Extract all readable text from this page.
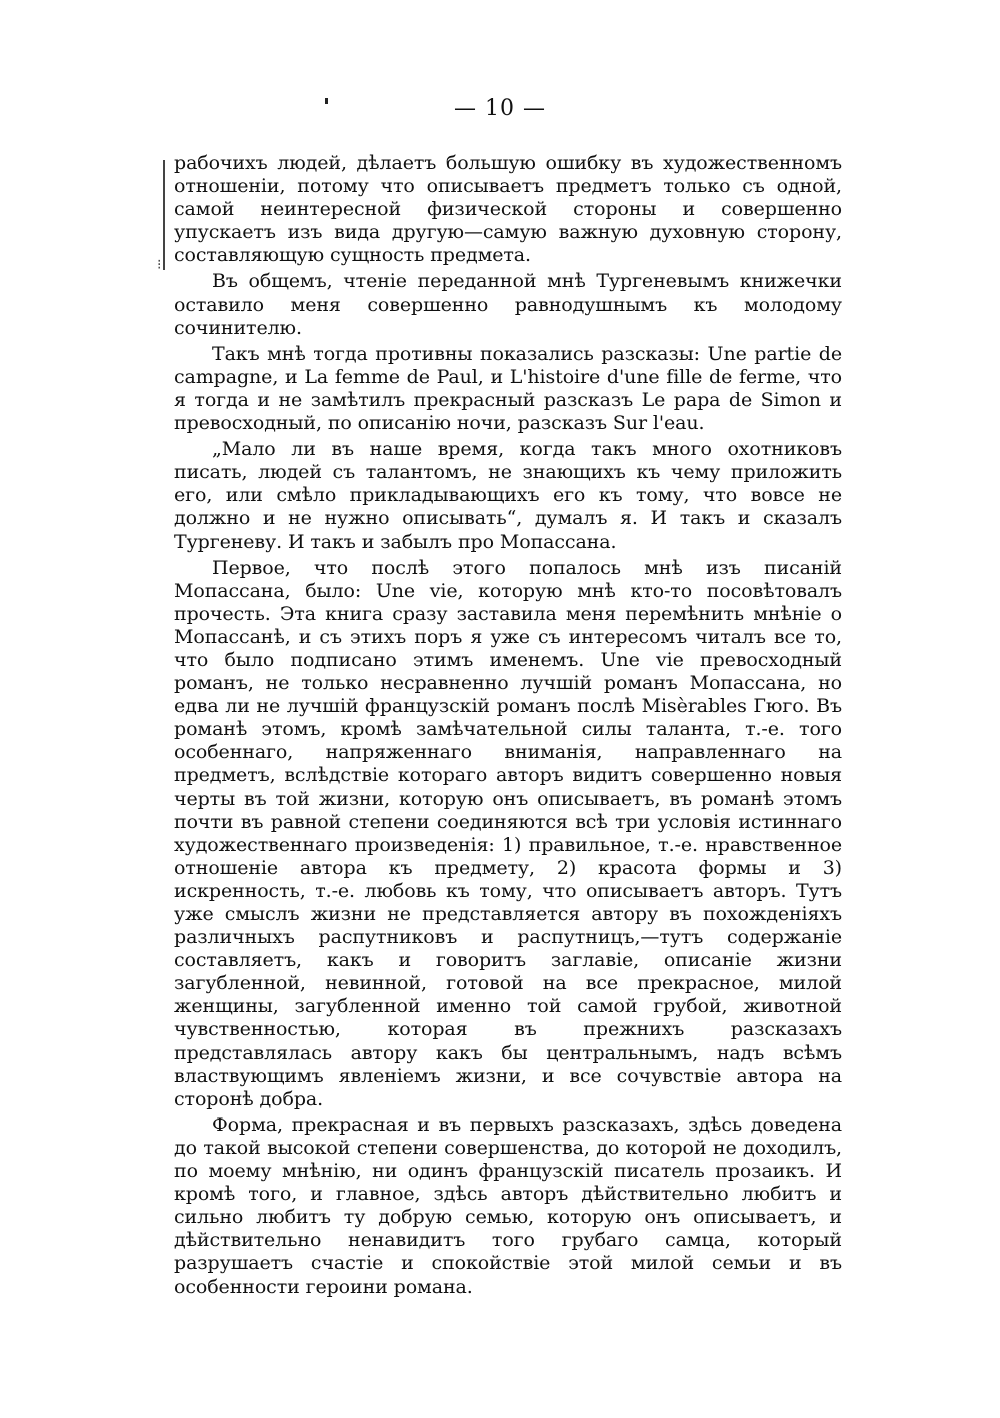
— 10 —
⁝

рабочихъ людей, дѣлаетъ большую ошибку въ художественномъ отношеніи, потому что описываетъ предметъ только съ одной, самой неинтересной физической стороны и совершенно упускаетъ изъ вида другую—самую важную духовную сторону, составляющую сущность предмета.

Въ общемъ, чтеніе переданной мнѣ Тургеневымъ книжечки оставило меня совершенно равнодушнымъ къ молодому сочинителю.

Такъ мнѣ тогда противны показались разсказы: Une partie de campagne, и La femme de Paul, и L'histoire d'une fille de ferme, что я тогда и не замѣтилъ прекрасный разсказъ Le papa de Simon и превосходный, по описанію ночи, разсказъ Sur l'eau.

„Мало ли въ наше время, когда такъ много охотниковъ писать, людей съ талантомъ, не знающихъ къ чему приложить его, или смѣло прикладывающихъ его къ тому, что вовсе не должно и не нужно описывать“, думалъ я. И такъ и сказалъ Тургеневу. И такъ и забылъ про Мопассана.

Первое, что послѣ этого попалось мнѣ изъ писаній Мопассана, было: Une vie, которую мнѣ кто-то посовѣтовалъ прочесть. Эта книга сразу заставила меня перемѣнить мнѣніе о Мопассанѣ, и съ этихъ поръ я уже съ интересомъ читалъ все то, что было подписано этимъ именемъ. Une vie превосходный романъ, не только несравненно лучшій романъ Мопассана, но едва ли не лучшій французскій романъ послѣ Misèrables Гюго. Въ романѣ этомъ, кромѣ замѣчательной силы таланта, т.-е. того особеннаго, напряженнаго вниманія, направленнаго на предметъ, вслѣдствіе котораго авторъ видитъ совершенно новыя черты въ той жизни, которую онъ описываетъ, въ романѣ этомъ почти въ равной степени соединяются всѣ три условія истиннаго художественнаго произведенія: 1) правильное, т.-е. нравственное отношеніе автора къ предмету, 2) красота формы и 3) искренность, т.-е. любовь къ тому, что описываетъ авторъ. Тутъ уже смыслъ жизни не представляется автору въ похожденіяхъ различныхъ распутниковъ и распутницъ,—тутъ содержаніе составляетъ, какъ и говоритъ заглавіе, описаніе жизни загубленной, невинной, готовой на все прекрасное, милой женщины, загубленной именно той самой грубой, животной чувственностью, которая въ прежнихъ разсказахъ представлялась автору какъ бы центральнымъ, надъ всѣмъ властвующимъ явленіемъ жизни, и все сочувствіе автора на сторонѣ добра.

Форма, прекрасная и въ первыхъ разсказахъ, здѣсь доведена до такой высокой степени совершенства, до которой не доходилъ, по моему мнѣнію, ни одинъ французскій писатель прозаикъ. И кромѣ того, и главное, здѣсь авторъ дѣйствительно любитъ и сильно любитъ ту добрую семью, которую онъ описываетъ, и дѣйствительно ненавидитъ того грубаго самца, который разрушаетъ счастіе и спокойствіе этой милой семьи и въ особенности героини романа.
